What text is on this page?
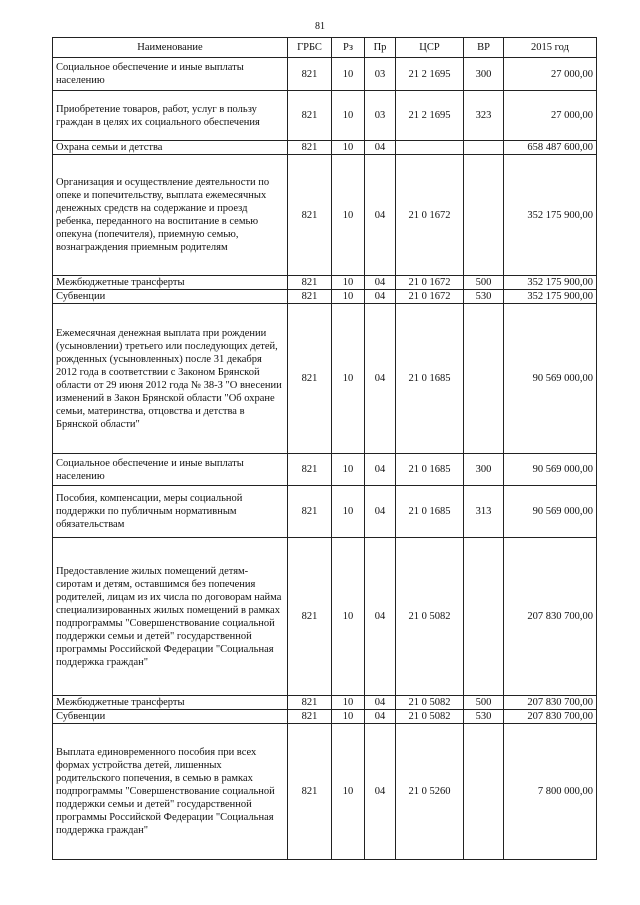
81
Наименование	ГРБС	Рз	Пр	ЦСР	ВР	2015 год
Социальное обеспечение и иные выплаты населению	821	10	03	21 2 1695	300	27 000,00
Приобретение товаров, работ, услуг в пользу граждан в целях их социального обеспечения	821	10	03	21 2 1695	323	27 000,00
Охрана семьи и детства	821	10	04			658 487 600,00
Организация и осуществление деятельности по опеке и попечительству, выплата ежемесячных денежных средств на содержание и проезд ребенка, переданного на воспитание в семью опекуна (попечителя), приемную семью, вознаграждения приемным родителям	821	10	04	21 0 1672		352 175 900,00
Межбюджетные трансферты	821	10	04	21 0 1672	500	352 175 900,00
Субвенции	821	10	04	21 0 1672	530	352 175 900,00
Ежемесячная денежная выплата при рождении (усыновлении) третьего или последующих детей, рожденных (усыновленных) после 31 декабря 2012 года в соответствии с Законом Брянской области от 29 июня 2012 года № 38-З "О внесении изменений в Закон Брянской области "Об охране семьи, материнства, отцовства и детства в Брянской области"	821	10	04	21 0 1685		90 569 000,00
Социальное обеспечение и иные выплаты населению	821	10	04	21 0 1685	300	90 569 000,00
Пособия, компенсации, меры социальной поддержки по публичным нормативным обязательствам	821	10	04	21 0 1685	313	90 569 000,00
Предоставление жилых помещений детям-сиротам и детям, оставшимся без попечения родителей, лицам из их числа по договорам найма специализированных жилых помещений в рамках подпрограммы "Совершенствование социальной поддержки семьи и детей" государственной программы Российской Федерации "Социальная поддержка граждан"	821	10	04	21 0 5082		207 830 700,00
Межбюджетные трансферты	821	10	04	21 0 5082	500	207 830 700,00
Субвенции	821	10	04	21 0 5082	530	207 830 700,00
Выплата единовременного пособия при всех формах устройства детей, лишенных родительского попечения, в семью в рамках подпрограммы "Совершенствование социальной поддержки семьи и детей" государственной программы Российской Федерации "Социальная поддержка граждан"	821	10	04	21 0 5260		7 800 000,00
